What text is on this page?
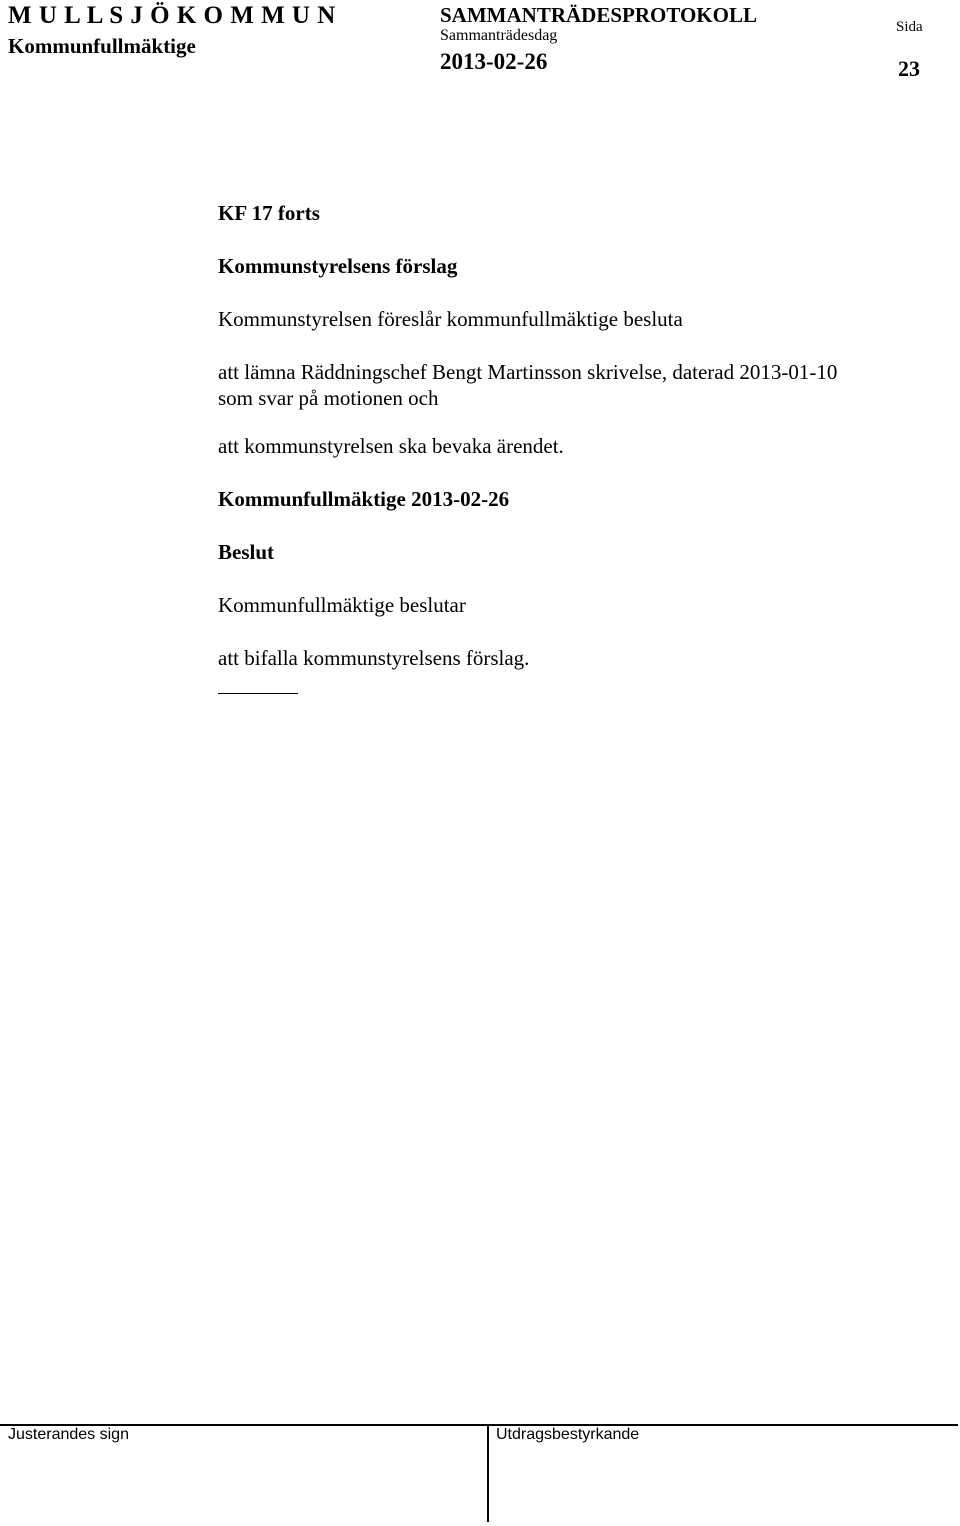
M U L L S J Ö K O M M U N
Kommunfullmäktige
SAMMANTRÄDESPROTOKOLL
Sammanträdesdag
2013-02-26
Sida
23
KF 17 forts
Kommunstyrelsens förslag
Kommunstyrelsen föreslår kommunfullmäktige besluta
att lämna Räddningschef Bengt Martinsson skrivelse, daterad 2013-01-10
som svar på motionen och
att kommunstyrelsen ska bevaka ärendet.
Kommunfullmäktige 2013-02-26
Beslut
Kommunfullmäktige beslutar
att bifalla kommunstyrelsens förslag.
Justerandes sign	Utdragsbestyrkande
